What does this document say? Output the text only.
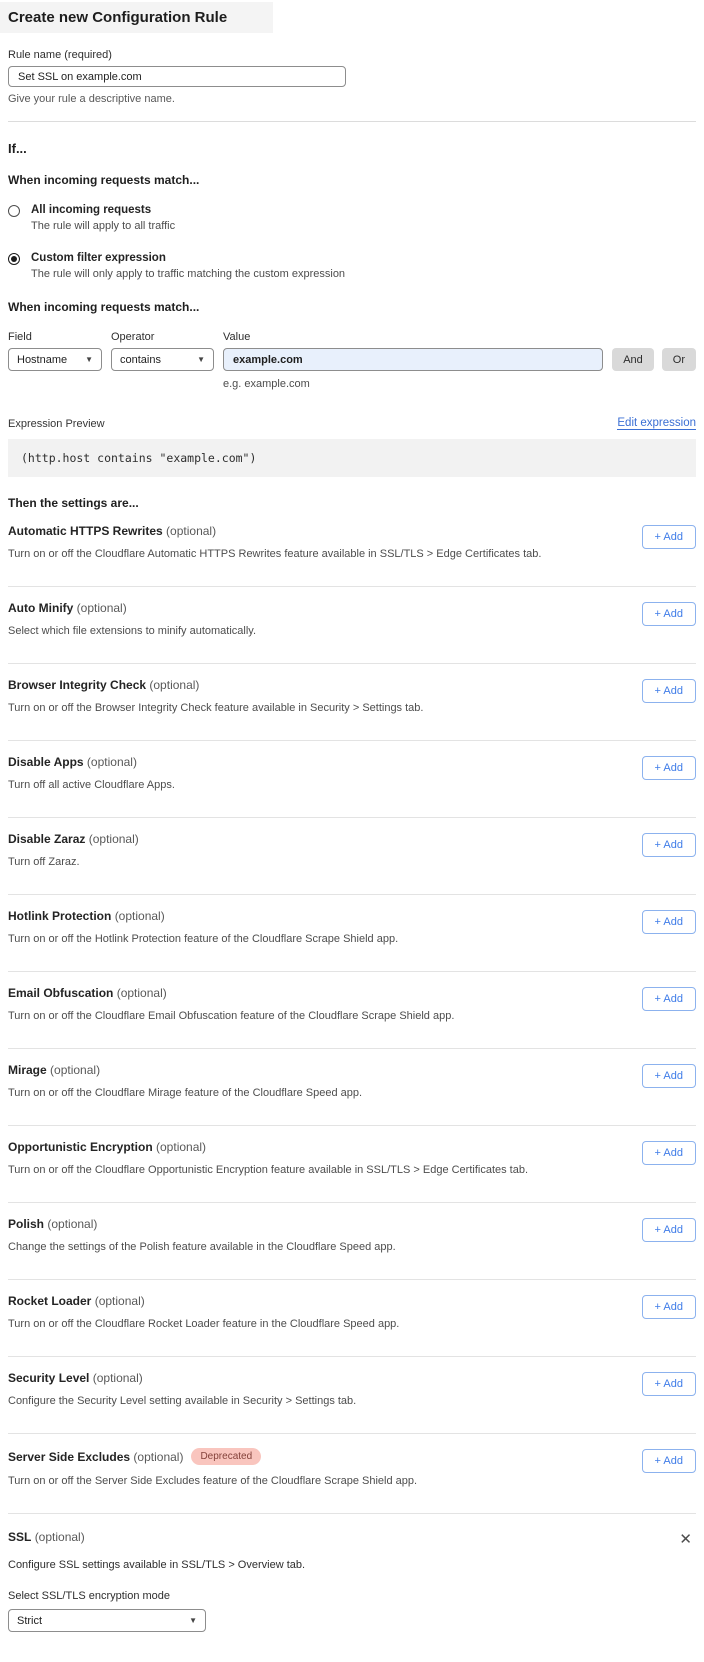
Create new Configuration Rule
Rule name (required)
Set SSL on example.com
Give your rule a descriptive name.
If...
When incoming requests match...
All incoming requests
The rule will apply to all traffic
Custom filter expression
The rule will only apply to traffic matching the custom expression
When incoming requests match...
Field
Hostname ▼
Operator
contains	▼
Value
example.com
e.g. example.com
And	Or
Expression Preview	Edit expression
(http.host contains "example.com")
Then the settings are...
Automatic HTTPS Rewrites (optional)
Turn on or off the Cloudflare Automatic HTTPS Rewrites feature available in SSL/TLS > Edge Certificates tab.
+ Add
Auto Minify (optional)
Select which file extensions to minify automatically.
+ Add
Browser Integrity Check (optional)
Turn on or off the Browser Integrity Check feature available in Security > Settings tab.
+ Add
Disable Apps (optional)
Turn off all active Cloudflare Apps.
+ Add
Disable Zaraz (optional)
Turn off Zaraz.
+ Add
Hotlink Protection (optional)
Turn on or off the Hotlink Protection feature of the Cloudflare Scrape Shield app.
+ Add
Email Obfuscation (optional)
Turn on or off the Cloudflare Email Obfuscation feature of the Cloudflare Scrape Shield app.
+ Add
Mirage (optional)
Turn on or off the Cloudflare Mirage feature of the Cloudflare Speed app.
+ Add
Opportunistic Encryption (optional)
Turn on or off the Cloudflare Opportunistic Encryption feature available in SSL/TLS > Edge Certificates tab.
+ Add
Polish (optional)
Change the settings of the Polish feature available in the Cloudflare Speed app.
+ Add
Rocket Loader (optional)
Turn on or off the Cloudflare Rocket Loader feature in the Cloudflare Speed app.
+ Add
Security Level (optional)
Configure the Security Level setting available in Security > Settings tab.
+ Add
Server Side Excludes (optional)	Deprecated
Turn on or off the Server Side Excludes feature of the Cloudflare Scrape Shield app.
+ Add
SSL (optional)	✕
Configure SSL settings available in SSL/TLS > Overview tab.
Select SSL/TLS encryption mode
Strict	▼
